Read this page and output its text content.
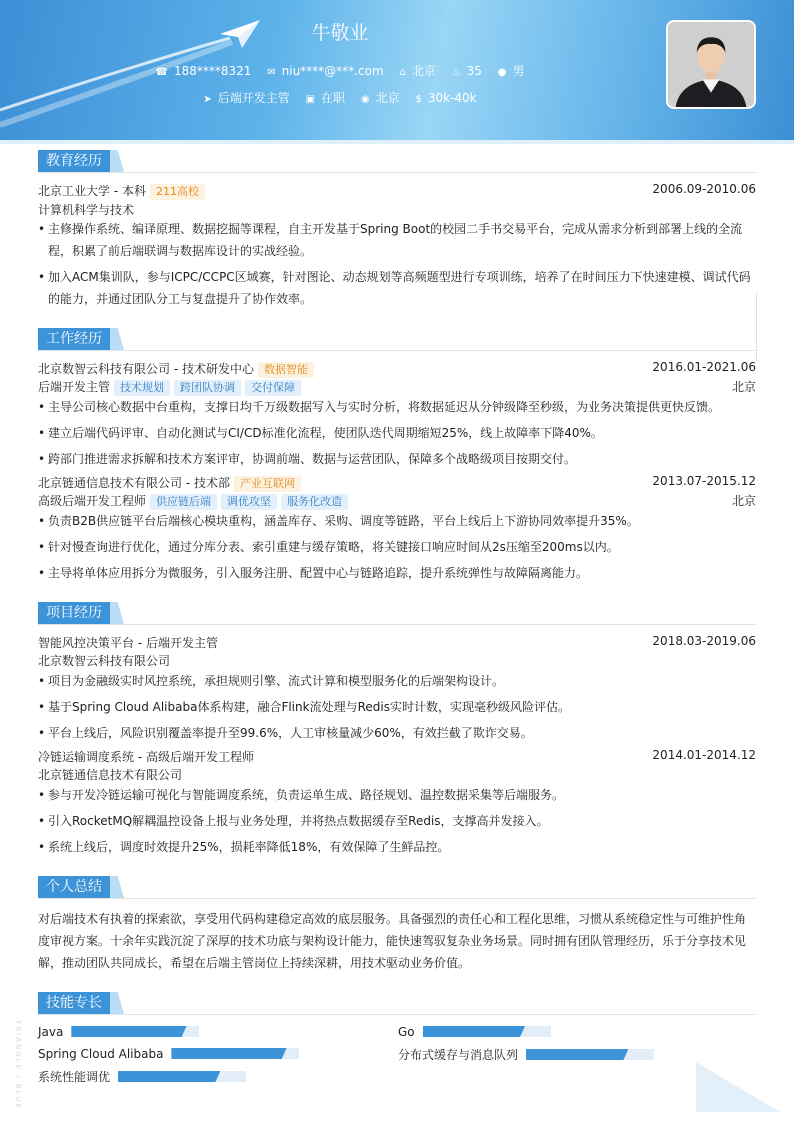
牛敬业
☎ 188****8321 ✉ niu****@***.com ⌂ 北京 ♨ 35 ● 男
➤ 后端开发主管 ▣ 在职 ◉ 北京 $ 30k-40k
教育经历
北京工业大学 - 本科 211高校	2006.09-2010.06
计算机科学与技术
• 主修操作系统、编译原理、数据挖掘等课程，自主开发基于Spring Boot的校园二手书交易平台，完成从需求分析到部署上线的全流程，积累了前后端联调与数据库设计的实战经验。
• 加入ACM集训队，参与ICPC/CCPC区域赛，针对图论、动态规划等高频题型进行专项训练，培养了在时间压力下快速建模、调试代码的能力，并通过团队分工与复盘提升了协作效率。
工作经历
北京数智云科技有限公司 - 技术研发中心 数据智能	2016.01-2021.06
后端开发主管 技术规划 跨团队协调 交付保障	北京
• 主导公司核心数据中台重构，支撑日均千万级数据写入与实时分析，将数据延迟从分钟级降至秒级，为业务决策提供更快反馈。
• 建立后端代码评审、自动化测试与CI/CD标准化流程，使团队迭代周期缩短25%，线上故障率下降40%。
• 跨部门推进需求拆解和技术方案评审，协调前端、数据与运营团队，保障多个战略级项目按期交付。
北京链通信息技术有限公司 - 技术部 产业互联网	2013.07-2015.12
高级后端开发工程师 供应链后端 调优攻坚 服务化改造	北京
• 负责B2B供应链平台后端核心模块重构，涵盖库存、采购、调度等链路，平台上线后上下游协同效率提升35%。
• 针对慢查询进行优化，通过分库分表、索引重建与缓存策略，将关键接口响应时间从2s压缩至200ms以内。
• 主导将单体应用拆分为微服务，引入服务注册、配置中心与链路追踪，提升系统弹性与故障隔离能力。
项目经历
智能风控决策平台 - 后端开发主管	2018.03-2019.06
北京数智云科技有限公司
• 项目为金融级实时风控系统，承担规则引擎、流式计算和模型服务化的后端架构设计。
• 基于Spring Cloud Alibaba体系构建，融合Flink流处理与Redis实时计数，实现毫秒级风险评估。
• 平台上线后，风险识别覆盖率提升至99.6%，人工审核量减少60%，有效拦截了欺诈交易。
冷链运输调度系统 - 高级后端开发工程师	2014.01-2014.12
北京链通信息技术有限公司
• 参与开发冷链运输可视化与智能调度系统，负责运单生成、路径规划、温控数据采集等后端服务。
• 引入RocketMQ解耦温控设备上报与业务处理，并将热点数据缓存至Redis，支撑高并发接入。
• 系统上线后，调度时效提升25%，损耗率降低18%，有效保障了生鲜品控。
个人总结
对后端技术有执着的探索欲，享受用代码构建稳定高效的底层服务。具备强烈的责任心和工程化思维，习惯从系统稳定性与可维护性角度审视方案。十余年实践沉淀了深厚的技术功底与架构设计能力，能快速驾驭复杂业务场景。同时拥有团队管理经历，乐于分享技术见解，推动团队共同成长，希望在后端主管岗位上持续深耕，用技术驱动业务价值。
技能专长
Java	Go
Spring Cloud Alibaba	分布式缓存与消息队列
系统性能调优
TRIANGLE / BLUE
